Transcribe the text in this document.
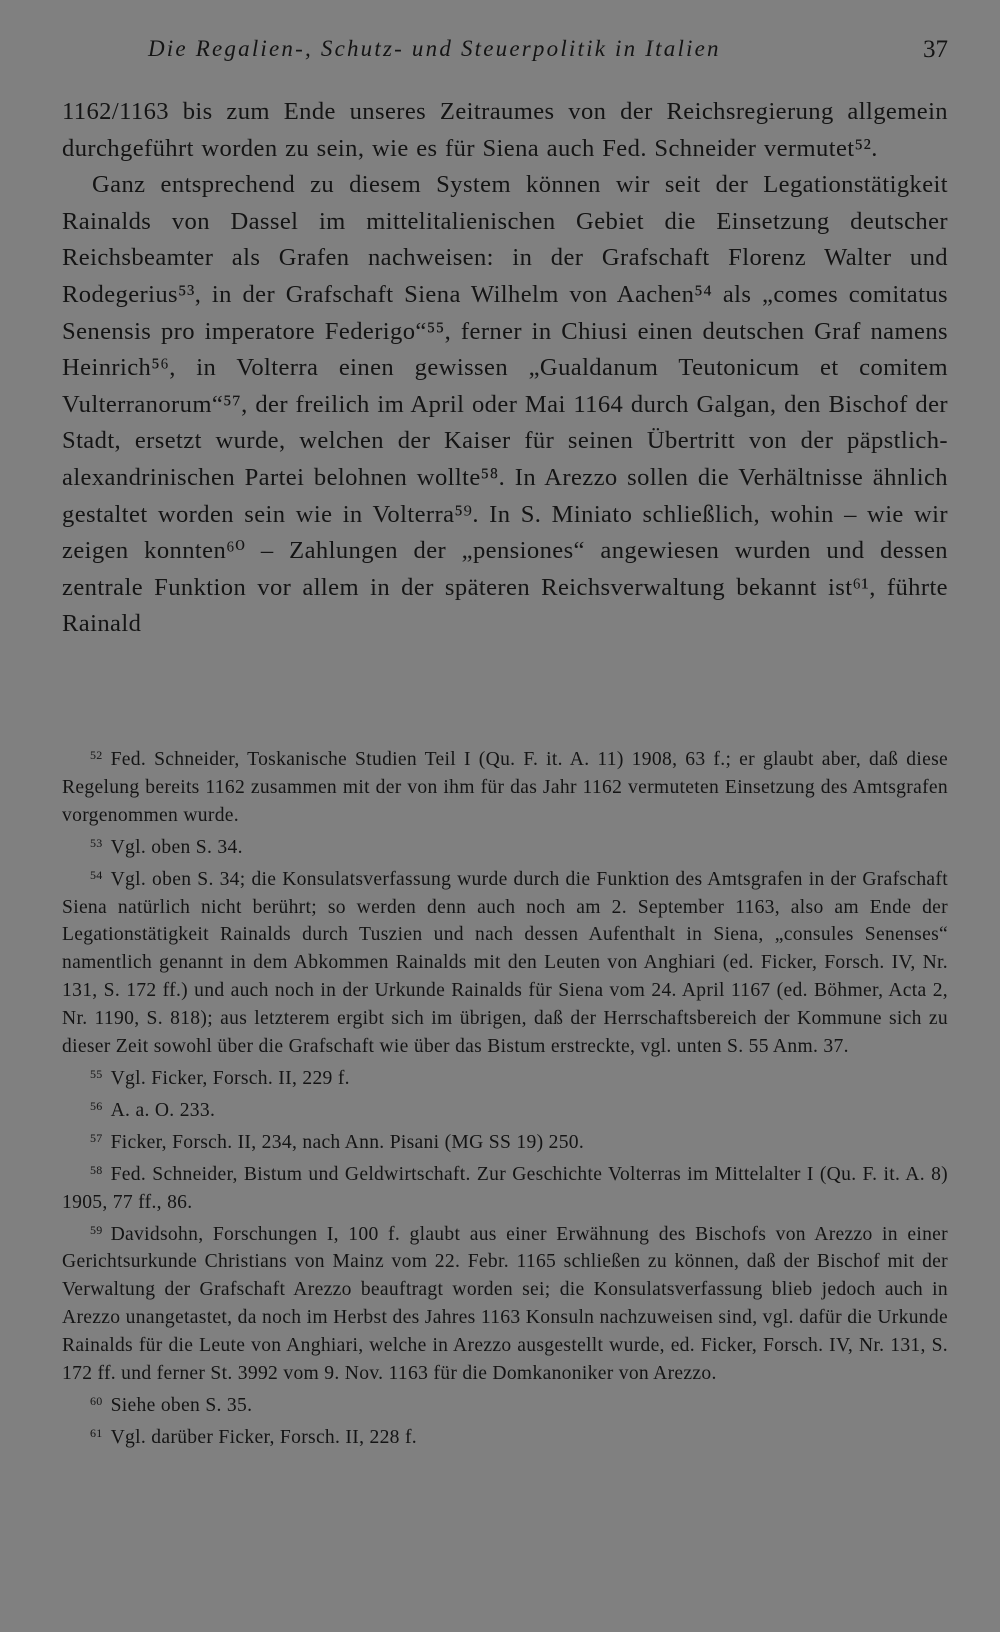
Die Regalien-, Schutz- und Steuerpolitik in Italien	37

1162/1163 bis zum Ende unseres Zeitraumes von der Reichsregierung allgemein durchgeführt worden zu sein, wie es für Siena auch Fed. Schneider vermutet⁵².

Ganz entsprechend zu diesem System können wir seit der Legationstätigkeit Rainalds von Dassel im mittelitalienischen Gebiet die Einsetzung deutscher Reichsbeamter als Grafen nachweisen: in der Grafschaft Florenz Walter und Rodegerius⁵³, in der Grafschaft Siena Wilhelm von Aachen⁵⁴ als „comes comitatus Senensis pro imperatore Federigo“⁵⁵, ferner in Chiusi einen deutschen Graf namens Heinrich⁵⁶, in Volterra einen gewissen „Gualdanum Teutonicum et comitem Vulterranorum“⁵⁷, der freilich im April oder Mai 1164 durch Galgan, den Bischof der Stadt, ersetzt wurde, welchen der Kaiser für seinen Übertritt von der päpstlich-alexandrinischen Partei belohnen wollte⁵⁸. In Arezzo sollen die Verhältnisse ähnlich gestaltet worden sein wie in Volterra⁵⁹. In S. Miniato schließlich, wohin – wie wir zeigen konnten⁶⁰ – Zahlungen der „pensiones“ angewiesen wurden und dessen zentrale Funktion vor allem in der späteren Reichsverwaltung bekannt ist⁶¹, führte Rainald

$^{52}$ Fed. Schneider, Toskanische Studien Teil I (Qu. F. it. A. 11) 1908, 63 f.; er glaubt aber, daß diese Regelung bereits 1162 zusammen mit der von ihm für das Jahr 1162 vermuteten Einsetzung des Amtsgrafen vorgenommen wurde.

$^{53}$ Vgl. oben S. 34.

$^{54}$ Vgl. oben S. 34; die Konsulatsverfassung wurde durch die Funktion des Amtsgrafen in der Grafschaft Siena natürlich nicht berührt; so werden denn auch noch am 2. September 1163, also am Ende der Legationstätigkeit Rainalds durch Tuszien und nach dessen Aufenthalt in Siena, „consules Senenses“ namentlich genannt in dem Abkommen Rainalds mit den Leuten von Anghiari (ed. Ficker, Forsch. IV, Nr. 131, S. 172 ff.) und auch noch in der Urkunde Rainalds für Siena vom 24. April 1167 (ed. Böhmer, Acta 2, Nr. 1190, S. 818); aus letzterem ergibt sich im übrigen, daß der Herrschaftsbereich der Kommune sich zu dieser Zeit sowohl über die Grafschaft wie über das Bistum erstreckte, vgl. unten S. 55 Anm. 37.

$^{55}$ Vgl. Ficker, Forsch. II, 229 f.

$^{56}$ A. a. O. 233.

$^{57}$ Ficker, Forsch. II, 234, nach Ann. Pisani (MG SS 19) 250.

$^{58}$ Fed. Schneider, Bistum und Geldwirtschaft. Zur Geschichte Volterras im Mittelalter I (Qu. F. it. A. 8) 1905, 77 ff., 86.

$^{59}$ Davidsohn, Forschungen I, 100 f. glaubt aus einer Erwähnung des Bischofs von Arezzo in einer Gerichtsurkunde Christians von Mainz vom 22. Febr. 1165 schließen zu können, daß der Bischof mit der Verwaltung der Grafschaft Arezzo beauftragt worden sei; die Konsulatsverfassung blieb jedoch auch in Arezzo unangetastet, da noch im Herbst des Jahres 1163 Konsuln nachzuweisen sind, vgl. dafür die Urkunde Rainalds für die Leute von Anghiari, welche in Arezzo ausgestellt wurde, ed. Ficker, Forsch. IV, Nr. 131, S. 172 ff. und ferner St. 3992 vom 9. Nov. 1163 für die Domkanoniker von Arezzo.

$^{60}$ Siehe oben S. 35.

$^{61}$ Vgl. darüber Ficker, Forsch. II, 228 f.
